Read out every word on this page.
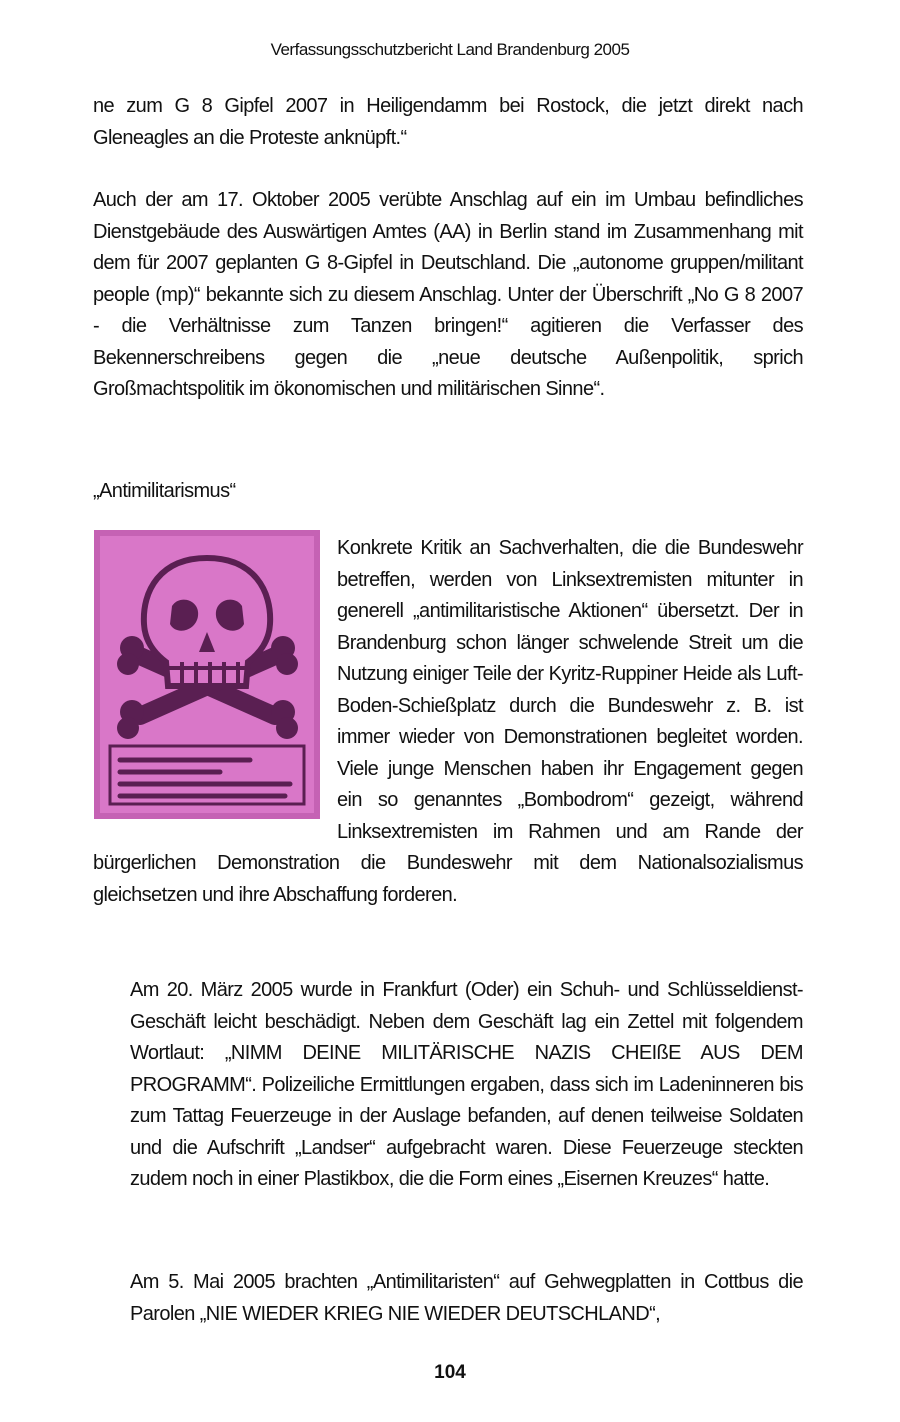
Verfassungsschutzbericht Land Brandenburg 2005

ne zum G 8 Gipfel 2007 in Heiligendamm bei Rostock, die jetzt direkt nach Gleneagles an die Proteste anknüpft.“

Auch der am 17. Oktober 2005 verübte Anschlag auf ein im Umbau befindliches Dienstgebäude des Auswärtigen Amtes (AA) in Berlin stand im Zusammenhang mit dem für 2007 geplanten G 8-Gipfel in Deutschland. Die „autonome gruppen/militant people (mp)“ bekannte sich zu diesem Anschlag. Unter der Überschrift „No G 8 2007 - die Verhältnisse zum Tanzen bringen!“ agitieren die Verfasser des Bekennerschreibens gegen die „neue deutsche Außenpolitik, sprich Großmachtspolitik im ökonomischen und militärischen Sinne“.

„Antimilitarismus“

Konkrete Kritik an Sachverhalten, die die Bundeswehr betreffen, werden von Linksextremisten mitunter in generell „antimilitaristische Aktionen“ übersetzt. Der in Brandenburg schon länger schwelende Streit um die Nutzung einiger Teile der Kyritz-Ruppiner Heide als Luft-Boden-Schießplatz durch die Bundeswehr z. B. ist immer wieder von Demonstrationen begleitet worden. Viele junge Menschen haben ihr Engagement gegen ein so genanntes „Bombodrom“ gezeigt, während Linksextremisten im Rahmen und am Rande der bürgerlichen Demonstration die Bundeswehr mit dem Nationalsozialismus gleichsetzen und ihre Abschaffung forderen.

Am 20. März 2005 wurde in Frankfurt (Oder) ein Schuh- und Schlüsseldienst-Geschäft leicht beschädigt. Neben dem Geschäft lag ein Zettel mit folgendem Wortlaut: „NIMM DEINE MILITÄRISCHE NAZIS CHEIßE AUS DEM PROGRAMM“. Polizeiliche Ermittlungen ergaben, dass sich im Ladeninneren bis zum Tattag Feuerzeuge in der Auslage befanden, auf denen teilweise Soldaten und die Aufschrift „Landser“ aufgebracht waren. Diese Feuerzeuge steckten zudem noch in einer Plastikbox, die die Form eines „Eisernen Kreuzes“ hatte.

Am 5. Mai 2005 brachten „Antimilitaristen“ auf Gehwegplatten in Cottbus die Parolen „NIE WIEDER KRIEG NIE WIEDER DEUTSCHLAND“,

104
